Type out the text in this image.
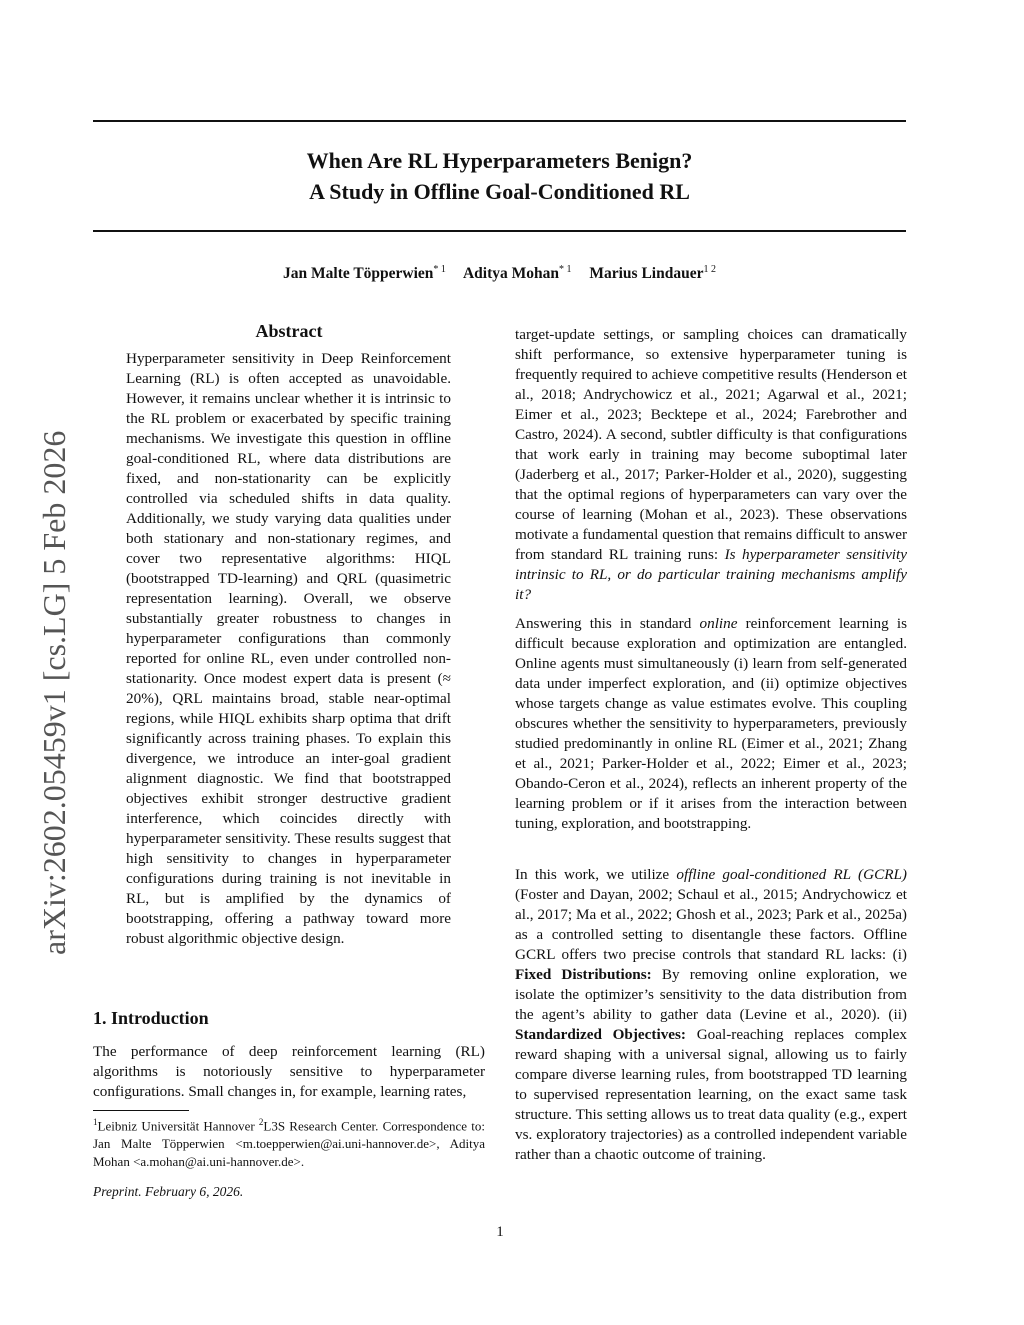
arXiv:2602.05459v1 [cs.LG] 5 Feb 2026
When Are RL Hyperparameters Benign?
A Study in Offline Goal-Conditioned RL
Jan Malte Töpperwien$^{* 1}$ Aditya Mohan$^{* 1}$ Marius Lindauer$^{1 2}$
Abstract
Hyperparameter sensitivity in Deep Reinforcement Learning (RL) is often accepted as unavoidable. However, it remains unclear whether it is intrinsic to the RL problem or exacerbated by specific training mechanisms. We investigate this question in offline goal-conditioned RL, where data distributions are fixed, and non-stationarity can be explicitly controlled via scheduled shifts in data quality. Additionally, we study varying data qualities under both stationary and non-stationary regimes, and cover two representative algorithms: HIQL (bootstrapped TD-learning) and QRL (quasimetric representation learning). Overall, we observe substantially greater robustness to changes in hyperparameter configurations than commonly reported for online RL, even under controlled non-stationarity. Once modest expert data is present (≈ 20%), QRL maintains broad, stable near-optimal regions, while HIQL exhibits sharp optima that drift significantly across training phases. To explain this divergence, we introduce an inter-goal gradient alignment diagnostic. We find that bootstrapped objectives exhibit stronger destructive gradient interference, which coincides directly with hyperparameter sensitivity. These results suggest that high sensitivity to changes in hyperparameter configurations during training is not inevitable in RL, but is amplified by the dynamics of bootstrapping, offering a pathway toward more robust algorithmic objective design.
1. Introduction
The performance of deep reinforcement learning (RL) algorithms is notoriously sensitive to hyperparameter configurations. Small changes in, for example, learning rates,
$^1$Leibniz Universität Hannover $^2$L3S Research Center. Correspondence to: Jan Malte Töpperwien <m.toepperwien@ai.uni-hannover.de>, Aditya Mohan <a.mohan@ai.uni-hannover.de>.
Preprint. February 6, 2026.
target-update settings, or sampling choices can dramatically shift performance, so extensive hyperparameter tuning is frequently required to achieve competitive results (Henderson et al., 2018; Andrychowicz et al., 2021; Agarwal et al., 2021; Eimer et al., 2023; Becktepe et al., 2024; Farebrother and Castro, 2024). A second, subtler difficulty is that configurations that work early in training may become suboptimal later (Jaderberg et al., 2017; Parker-Holder et al., 2020), suggesting that the optimal regions of hyperparameters can vary over the course of learning (Mohan et al., 2023). These observations motivate a fundamental question that remains difficult to answer from standard RL training runs: Is hyperparameter sensitivity intrinsic to RL, or do particular training mechanisms amplify it?
Answering this in standard online reinforcement learning is difficult because exploration and optimization are entangled. Online agents must simultaneously (i) learn from self-generated data under imperfect exploration, and (ii) optimize objectives whose targets change as value estimates evolve. This coupling obscures whether the sensitivity to hyperparameters, previously studied predominantly in online RL (Eimer et al., 2021; Zhang et al., 2021; Parker-Holder et al., 2022; Eimer et al., 2023; Obando-Ceron et al., 2024), reflects an inherent property of the learning problem or if it arises from the interaction between tuning, exploration, and bootstrapping.
In this work, we utilize offline goal-conditioned RL (GCRL) (Foster and Dayan, 2002; Schaul et al., 2015; Andrychowicz et al., 2017; Ma et al., 2022; Ghosh et al., 2023; Park et al., 2025a) as a controlled setting to disentangle these factors. Offline GCRL offers two precise controls that standard RL lacks: (i) Fixed Distributions: By removing online exploration, we isolate the optimizer’s sensitivity to the data distribution from the agent’s ability to gather data (Levine et al., 2020). (ii) Standardized Objectives: Goal-reaching replaces complex reward shaping with a universal signal, allowing us to fairly compare diverse learning rules, from bootstrapped TD learning to supervised representation learning, on the exact same task structure. This setting allows us to treat data quality (e.g., expert vs. exploratory trajectories) as a controlled independent variable rather than a chaotic outcome of training.
1
